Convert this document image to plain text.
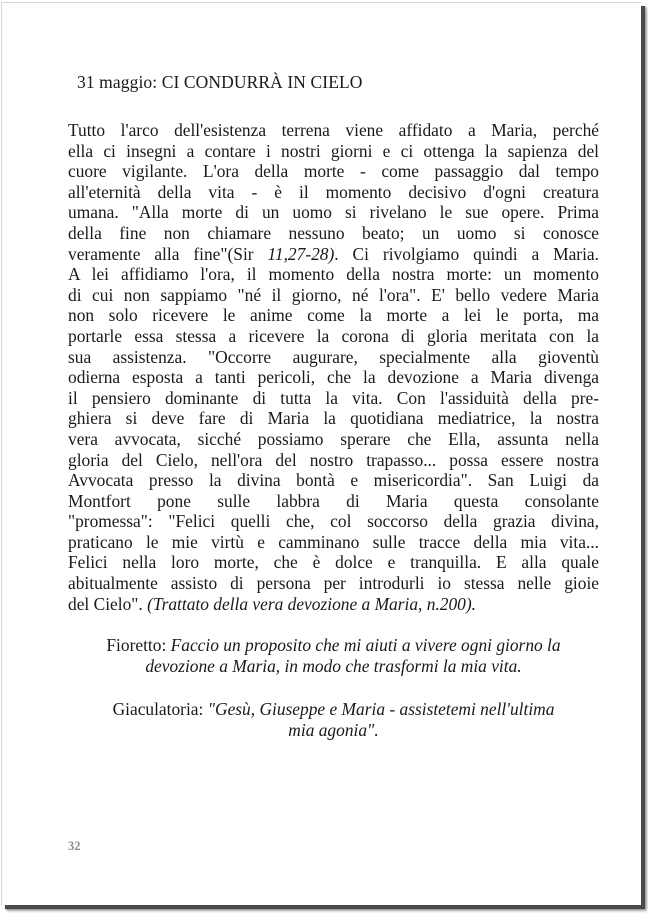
31 maggio: CI CONDURRÀ IN CIELO
Tutto l'arco dell'esistenza terrena viene affidato a Maria, perché
ella ci insegni a contare i nostri giorni e ci ottenga la sapienza del
cuore vigilante. L'ora della morte - come passaggio dal tempo
all'eternità della vita - è il momento decisivo d'ogni creatura
umana. "Alla morte di un uomo si rivelano le sue opere. Prima
della fine non chiamare nessuno beato; un uomo si conosce
veramente alla fine"(Sir 11,27-28). Ci rivolgiamo quindi a Maria.
A lei affidiamo l'ora, il momento della nostra morte: un momento
di cui non sappiamo "né il giorno, né l'ora". E' bello vedere Maria
non solo ricevere le anime come la morte a lei le porta, ma
portarle essa stessa a ricevere la corona di gloria meritata con la
sua assistenza. "Occorre augurare, specialmente alla gioventù
odierna esposta a tanti pericoli, che la devozione a Maria divenga
il pensiero dominante di tutta la vita. Con l'assiduità della pre-
ghiera si deve fare di Maria la quotidiana mediatrice, la nostra
vera avvocata, sicché possiamo sperare che Ella, assunta nella
gloria del Cielo, nell'ora del nostro trapasso... possa essere nostra
Avvocata presso la divina bontà e misericordia". San Luigi da
Montfort pone sulle labbra di Maria questa consolante
"promessa": "Felici quelli che, col soccorso della grazia divina,
praticano le mie virtù e camminano sulle tracce della mia vita...
Felici nella loro morte, che è dolce e tranquilla. E alla quale
abitualmente assisto di persona per introdurli io stessa nelle gioie
del Cielo". (Trattato della vera devozione a Maria, n.200).
Fioretto: Faccio un proposito che mi aiuti a vivere ogni giorno la
devozione a Maria, in modo che trasformi la mia vita.
Giaculatoria: "Gesù, Giuseppe e Maria - assistetemi nell'ultima
mia agonia".
32
